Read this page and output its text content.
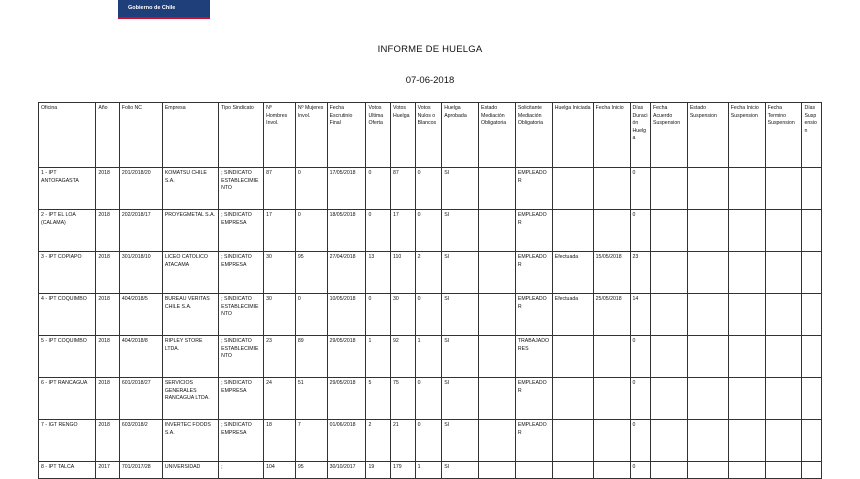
Gobierno de Chile
INFORME DE HUELGA
07-06-2018
Oficina	Año	Folio NC	Empresa	Tipo Sindicato	Nº Hombres Invol.	Nº Mujeres Invol.	Fecha Escrutinio Final	Votos Ultima Oferta	Votos Huelga	Votos Nulos o Blancos	Huelga Aprobada	Estado Mediación Obligatoria	Solicitante Mediación Obligatoria	Huelga Iniciada	Fecha Inicio	Días Duración Huelga	Fecha Acuerdo Suspension	Estado Suspension	Fecha Inicio Suspension	Fecha Termino Suspension	Días Suspension
1 - IPT ANTOFAGASTA	2018	201/2018/20	KOMATSU CHILE S.A.	; SINDICATO ESTABLECIMIENTO	87	0	17/05/2018	0	87	0	SI		EMPLEADOR			0					
2 - IPT EL LOA (CALAMA)	2018	202/2018/17	PROYEGMETAL S.A.	; SINDICATO EMPRESA	17	0	18/05/2018	0	17	0	SI		EMPLEADOR			0					
3 - IPT COPIAPO	2018	301/2018/10	LICEO CATOLICO ATACAMA	; SINDICATO EMPRESA	30	95	27/04/2018	13	110	2	SI		EMPLEADOR	Efectuada	15/05/2018	23					
4 - IPT COQUIMBO	2018	404/2018/5	BUREAU VERITAS CHILE S.A.	; SINDICATO ESTABLECIMIENTO	30	0	10/05/2018	0	30	0	SI		EMPLEADOR	Efectuada	25/05/2018	14					
5 - IPT COQUIMBO	2018	404/2018/8	RIPLEY STORE LTDA.	; SINDICATO ESTABLECIMIENTO	23	89	29/05/2018	1	92	1	SI		TRABAJADORES			0					
6 - IPT RANCAGUA	2018	601/2018/27	SERVICIOS GENERALES RANCAGUA LTDA.	; SINDICATO EMPRESA	24	51	29/05/2018	5	75	0	SI		EMPLEADOR			0					
7 - IGT RENGO	2018	603/2018/2	INVERTEC FOODS S.A.	; SINDICATO EMPRESA	18	7	01/06/2018	2	21	0	SI		EMPLEADOR			0					
8 - IPT TALCA	2017	701/2017/28	UNIVERSIDAD	;	104	95	30/10/2017	19	179	1	SI					0					
